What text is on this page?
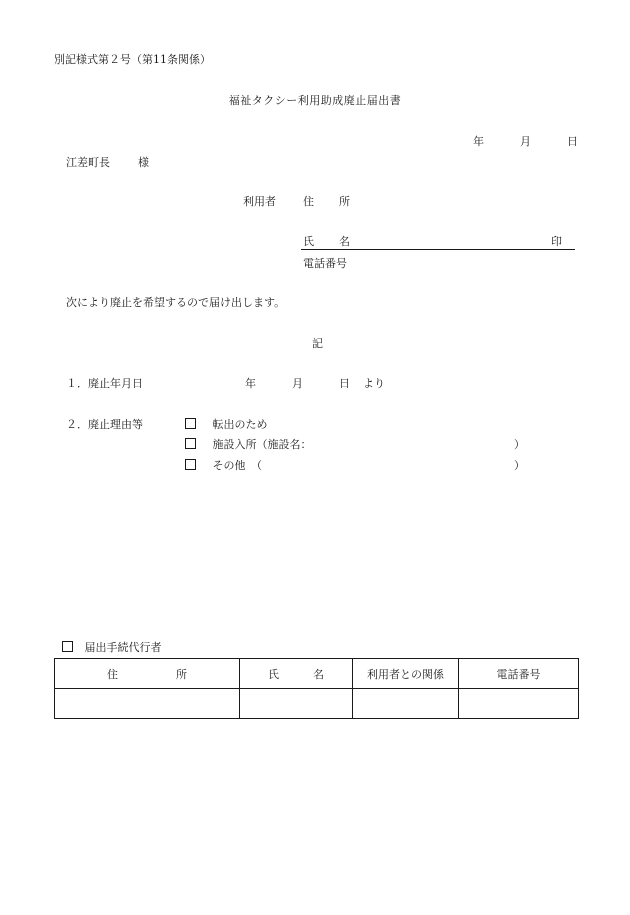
別記様式第２号（第11条関係）
福祉タクシー利用助成廃止届出書
年	月	日
江差町長	様
利用者 住 所
氏 名	印
電話番号
次により廃止を希望するので届け出します。
記
１．廃止年月日	年	月	日 より
２．廃止理由等	転出のため
施設入所（施設名：	）
その他　（	）
届出手続代行者
住 所	氏 名	利用者との関係	電話番号
